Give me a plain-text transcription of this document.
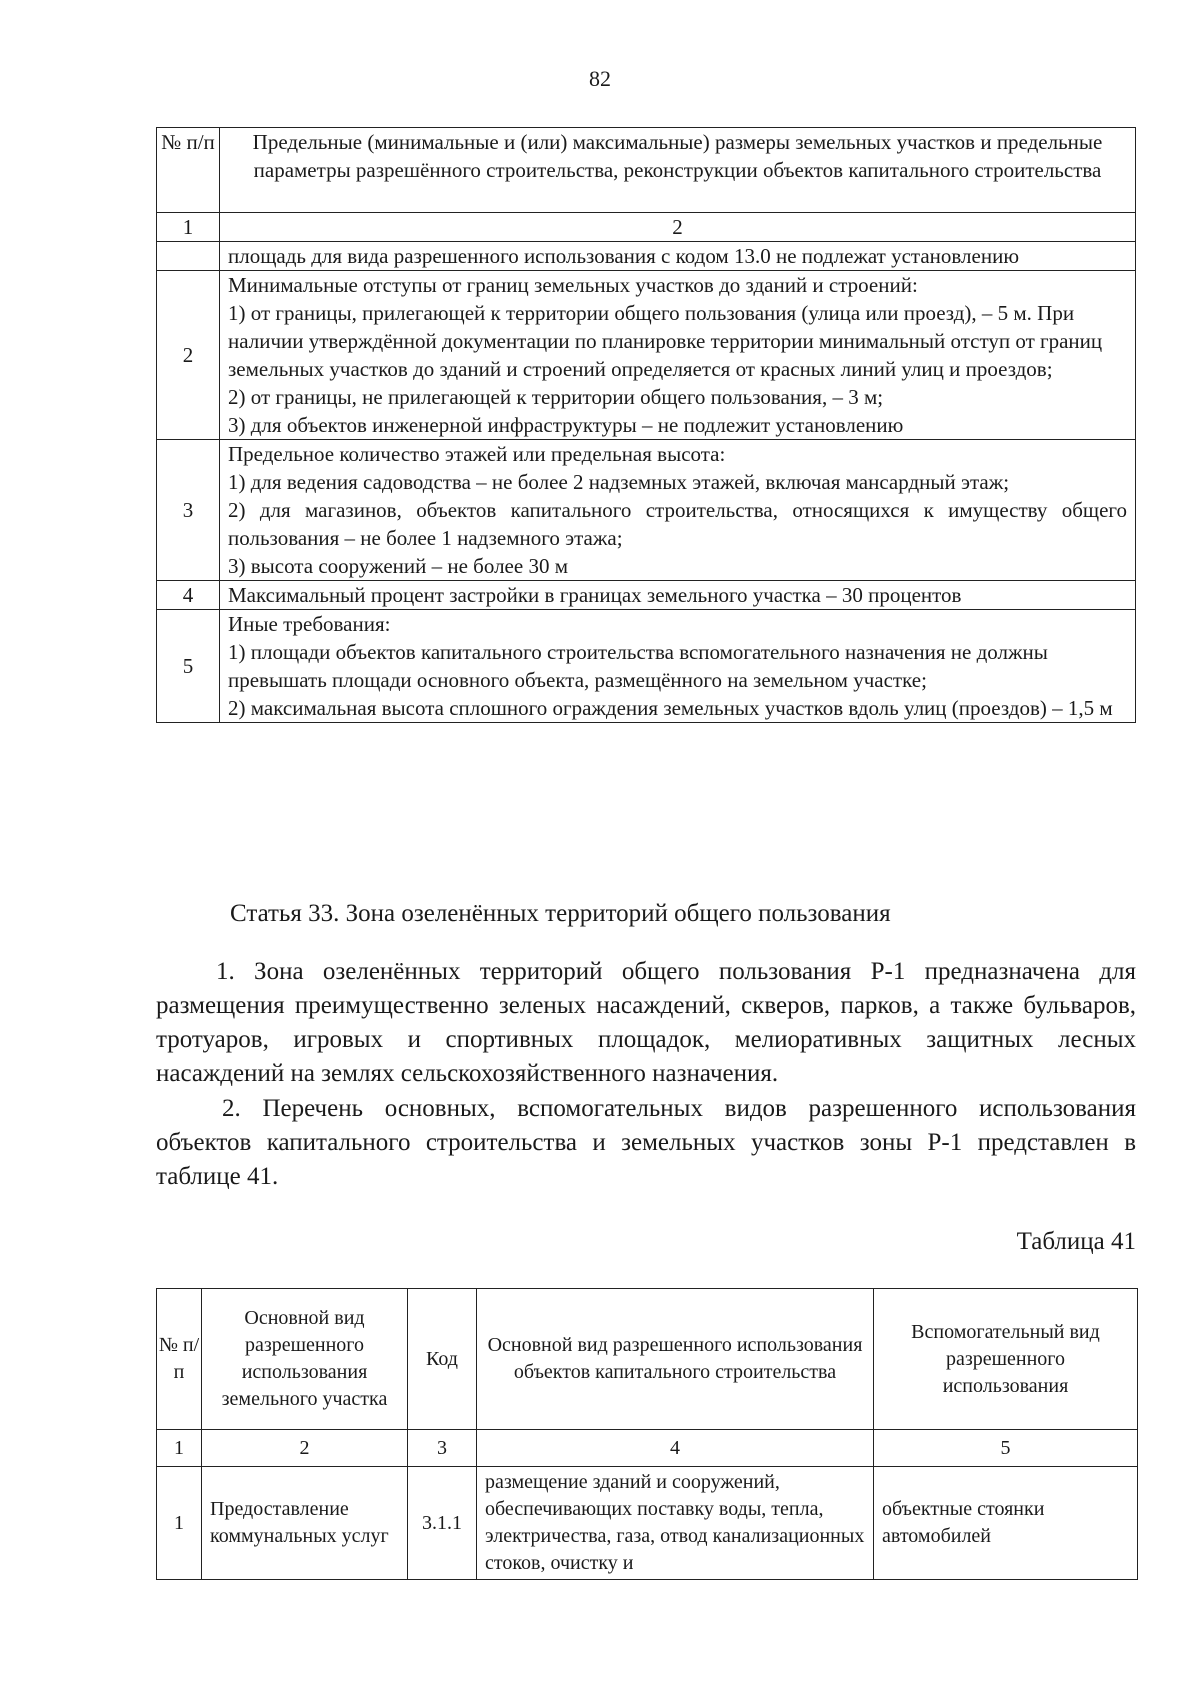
82
№ п/п	Предельные (минимальные и (или) максимальные) размеры земельных участков и предельные параметры разрешённого строительства, реконструкции объектов капитального строительства
1	2

	площадь для вида разрешенного использования с кодом 13.0 не подлежат установлению

2	Минимальные отступы от границ земельных участков до зданий и строений:
1) от границы, прилегающей к территории общего пользования (улица или проезд), – 5 м. При наличии утверждённой документации по планировке территории минимальный отступ от границ земельных участков до зданий и строений определяется от красных линий улиц и проездов;
2) от границы, не прилегающей к территории общего пользования, – 3 м;
3) для объектов инженерной инфраструктуры – не подлежит установлению

3	Предельное количество этажей или предельная высота:
1) для ведения садоводства – не более 2 надземных этажей, включая мансардный этаж;
2) для магазинов, объектов капитального строительства, относящихся к имуществу общего пользования – не более 1 надземного этажа;
3) высота сооружений – не более 30 м

4	Максимальный процент застройки в границах земельного участка – 30 процентов

5	Иные требования:
1) площади объектов капитального строительства вспомогательного назначения не должны превышать площади основного объекта, размещённого на земельном участке;
2) максимальная высота сплошного ограждения земельных участков вдоль улиц (проездов) – 1,5 м
Статья 33. Зона озеленённых территорий общего пользования
1. Зона озеленённых территорий общего пользования Р-1 предназначена для размещения преимущественно зеленых насаждений, скверов, парков, а также бульваров, тротуаров, игровых и спортивных площадок, мелиоративных защитных лесных насаждений на землях сельскохозяйственного назначения.
2. Перечень основных, вспомогательных видов разрешенного использования объектов капитального строительства и земельных участков зоны Р-1 представлен в таблице 41.
Таблица 41
№ п/п	Основной вид разрешенного использования земельного участка	Код	Основной вид разрешенного использования объектов капитального строительства	Вспомогательный вид разрешенного использования
1	2	3	4	5
1	Предоставление коммунальных услуг	3.1.1	размещение зданий и сооружений, обеспечивающих поставку воды, тепла, электричества, газа, отвод канализационных стоков, очистку и	объектные стоянки автомобилей
